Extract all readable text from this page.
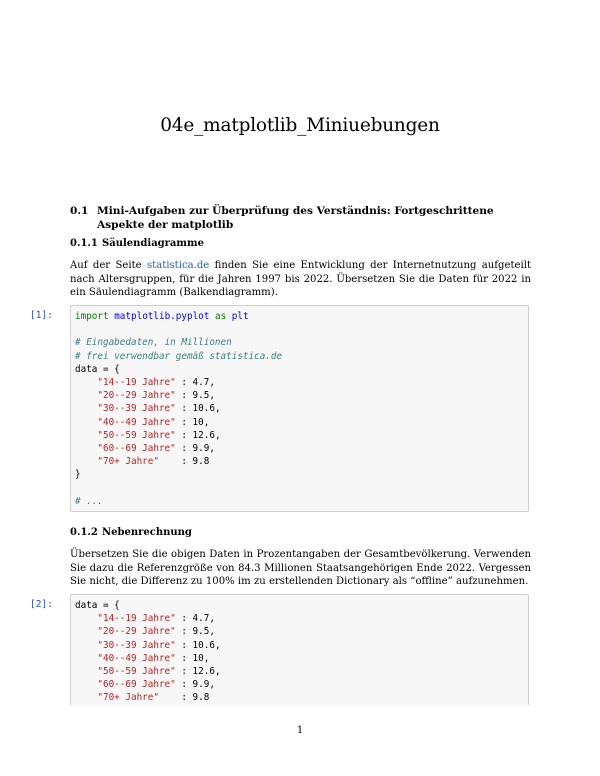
04e_matplotlib_Miniuebungen
0.1 Mini-Aufgaben zur Überprüfung des Verständnis: Fortgeschrittene Aspekte der matplotlib
0.1.1 Säulendiagramme
Auf der Seite statistica.de finden Sie eine Entwicklung der Internetnutzung aufgeteilt nach Altersgruppen, für die Jahren 1997 bis 2022. Übersetzen Sie die Daten für 2022 in ein Säulendiagramm (Balkendiagramm).
[1]:	import matplotlib.pyplot as plt
# Eingabedaten, in Millionen
# frei verwendbar gemäß statistica.de
data = {
"14--19 Jahre" : 4.7,
"20--29 Jahre" : 9.5,
"30--39 Jahre" : 10.6,
"40--49 Jahre" : 10,
"50--59 Jahre" : 12.6,
"60--69 Jahre" : 9.9,
"70+ Jahre"    : 9.8
}
# ...
0.1.2 Nebenrechnung
Übersetzen Sie die obigen Daten in Prozentangaben der Gesamtbevölkerung. Verwenden Sie dazu die Referenzgröße von 84.3 Millionen Staatsangehörigen Ende 2022. Vergessen Sie nicht, die Differenz zu 100% im zu erstellenden Dictionary als “offline” aufzunehmen.
[2]:	data = {
"14--19 Jahre" : 4.7,
"20--29 Jahre" : 9.5,
"30--39 Jahre" : 10.6,
"40--49 Jahre" : 10,
"50--59 Jahre" : 12.6,
"60--69 Jahre" : 9.9,
"70+ Jahre"    : 9.8
1
